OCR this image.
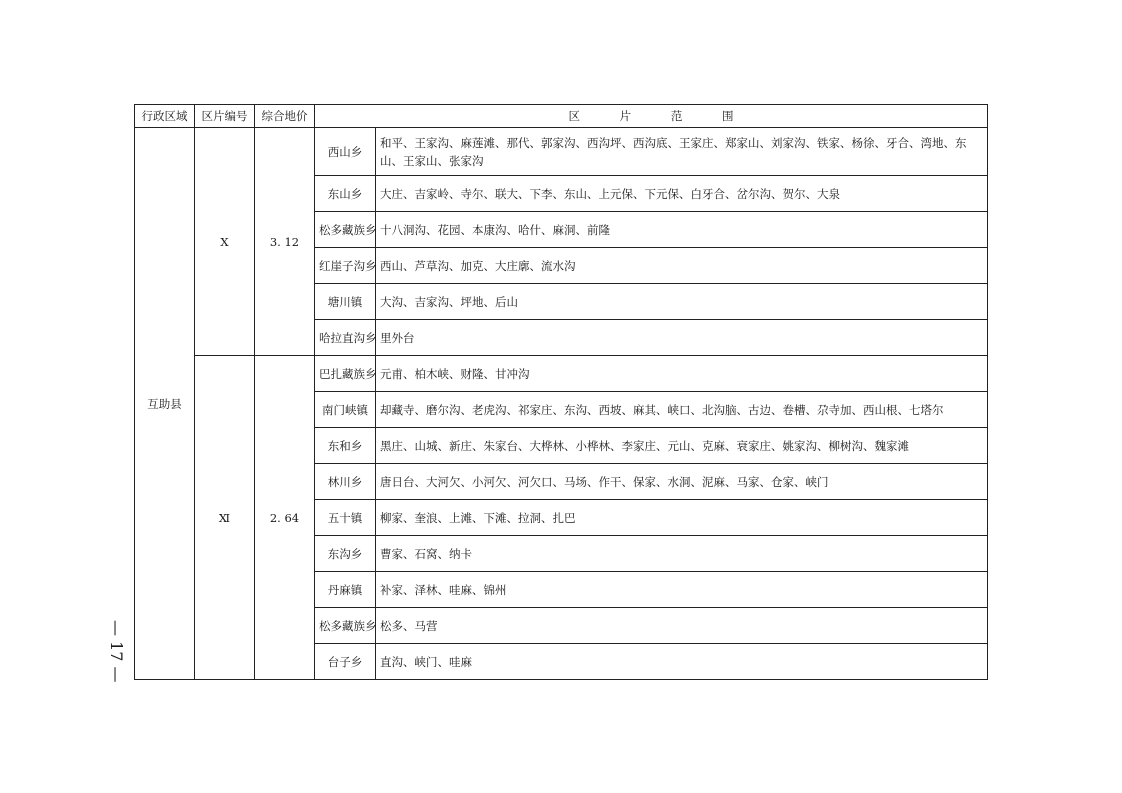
行政区域	区片编号	综合地价	区 片 范 围	
互助县	Ⅹ	3. 12	西山乡	和平、王家沟、麻莲滩、那代、郭家沟、西沟坪、西沟底、王家庄、郑家山、刘家沟、铁家、杨徐、牙合、湾地、东山、王家山、张家沟
			东山乡	大庄、吉家岭、寺尔、联大、下李、东山、上元保、下元保、白牙合、岔尔沟、贺尔、大泉
			松多藏族乡	十八洞沟、花园、本康沟、哈什、麻洞、前隆
			红崖子沟乡	西山、芦草沟、加克、大庄廓、流水沟
			塘川镇	大沟、吉家沟、坪地、后山
			哈拉直沟乡	里外台
	Ⅺ	2. 64	巴扎藏族乡	元甫、柏木峡、财隆、甘冲沟
			南门峡镇	却藏寺、磨尔沟、老虎沟、祁家庄、东沟、西坡、麻其、峡口、北沟脑、古边、卷槽、尕寺加、西山根、七塔尔
			东和乡	黑庄、山城、新庄、朱家台、大桦林、小桦林、李家庄、元山、克麻、衰家庄、姚家沟、柳树沟、魏家滩
			林川乡	唐日台、大河欠、小河欠、河欠口、马场、作干、保家、水洞、泥麻、马家、仓家、峡门
			五十镇	柳家、奎浪、上滩、下滩、拉洞、扎巴
			东沟乡	曹家、石窝、纳卡
			丹麻镇	补家、泽林、哇麻、锦州
			松多藏族乡	松多、马营
			台子乡	直沟、峡门、哇麻
— 17 —
